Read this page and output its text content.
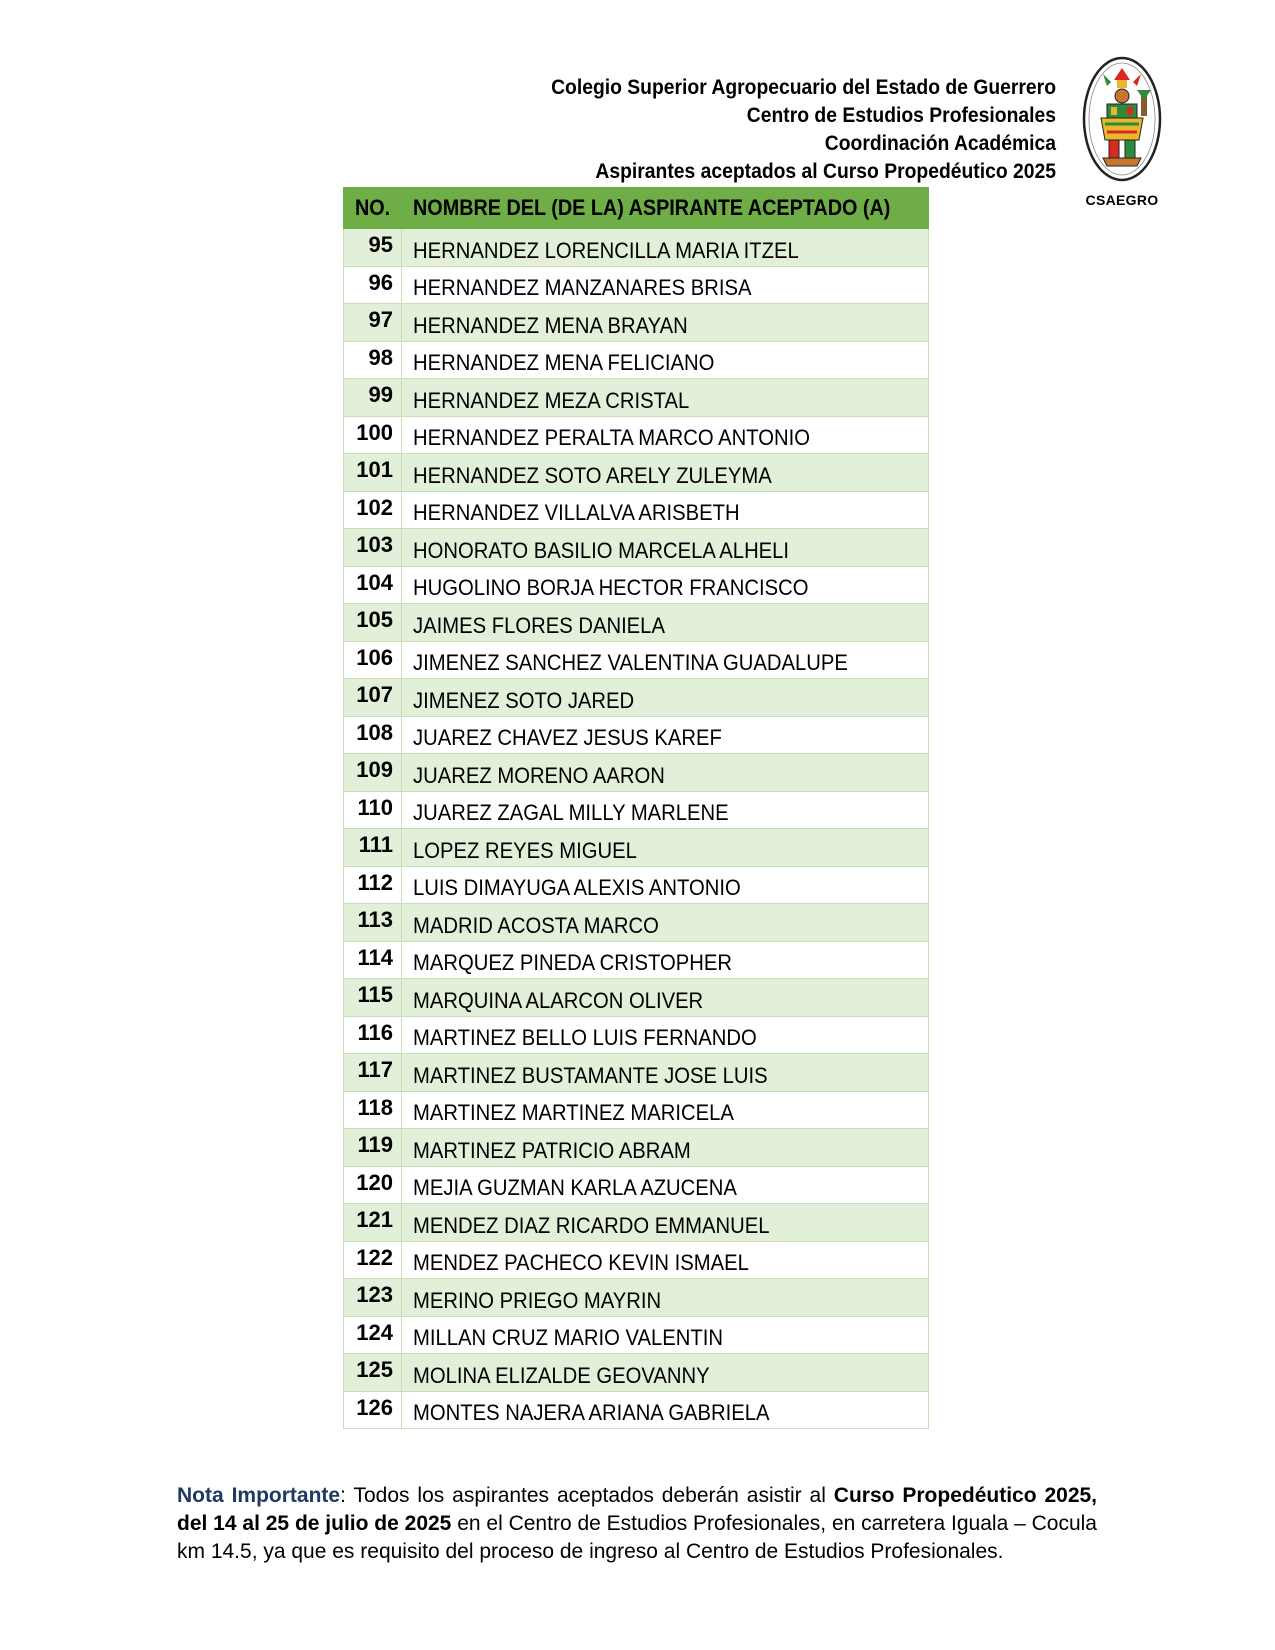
Colegio Superior Agropecuario del Estado de Guerrero
Centro de Estudios Profesionales
Coordinación Académica
Aspirantes aceptados al Curso Propedéutico 2025
CSAEGRO
NO.	NOMBRE DEL (DE LA) ASPIRANTE ACEPTADO (A)
95	HERNANDEZ LORENCILLA MARIA ITZEL
96	HERNANDEZ MANZANARES BRISA
97	HERNANDEZ MENA BRAYAN
98	HERNANDEZ MENA FELICIANO
99	HERNANDEZ MEZA CRISTAL
100	HERNANDEZ PERALTA MARCO ANTONIO
101	HERNANDEZ SOTO ARELY ZULEYMA
102	HERNANDEZ VILLALVA ARISBETH
103	HONORATO BASILIO MARCELA ALHELI
104	HUGOLINO BORJA HECTOR FRANCISCO
105	JAIMES FLORES DANIELA
106	JIMENEZ SANCHEZ VALENTINA GUADALUPE
107	JIMENEZ SOTO JARED
108	JUAREZ CHAVEZ JESUS KAREF
109	JUAREZ MORENO AARON
110	JUAREZ ZAGAL MILLY MARLENE
111	LOPEZ REYES MIGUEL
112	LUIS DIMAYUGA ALEXIS ANTONIO
113	MADRID ACOSTA MARCO
114	MARQUEZ PINEDA CRISTOPHER
115	MARQUINA ALARCON OLIVER
116	MARTINEZ BELLO LUIS FERNANDO
117	MARTINEZ BUSTAMANTE JOSE LUIS
118	MARTINEZ MARTINEZ MARICELA
119	MARTINEZ PATRICIO ABRAM
120	MEJIA GUZMAN KARLA AZUCENA
121	MENDEZ DIAZ RICARDO EMMANUEL
122	MENDEZ PACHECO KEVIN ISMAEL
123	MERINO PRIEGO MAYRIN
124	MILLAN CRUZ MARIO VALENTIN
125	MOLINA ELIZALDE GEOVANNY
126	MONTES NAJERA ARIANA GABRIELA
Nota Importante: Todos los aspirantes aceptados deberán asistir al Curso Propedéutico 2025, del 14 al 25 de julio de 2025 en el Centro de Estudios Profesionales, en carretera Iguala – Cocula km 14.5, ya que es requisito del proceso de ingreso al Centro de Estudios Profesionales.
